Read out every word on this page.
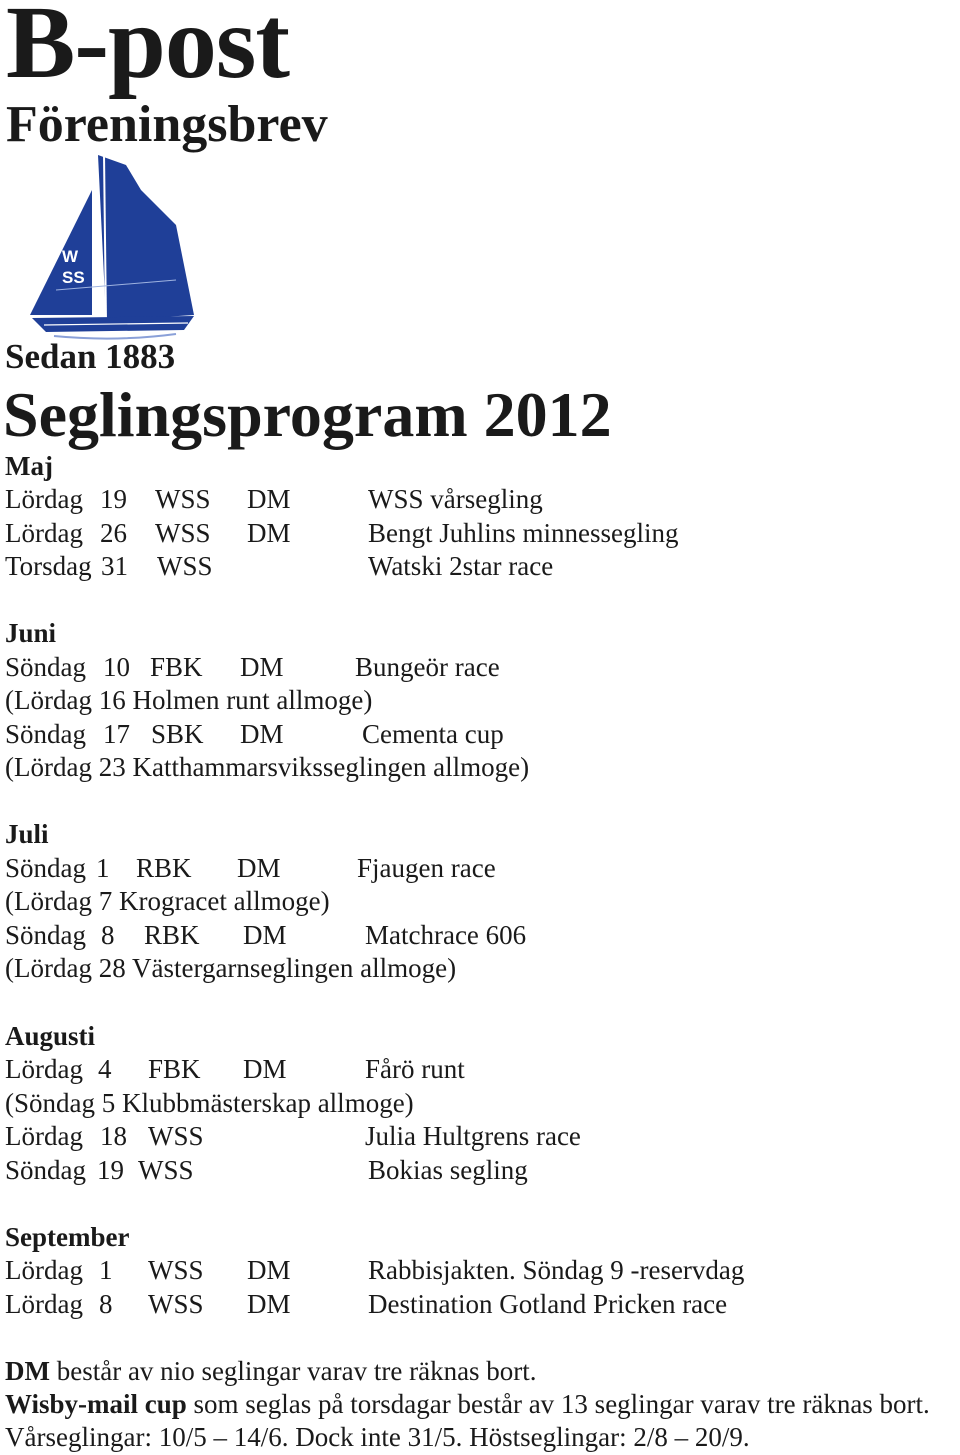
B-post
Föreningsbrev
W
SS
Sedan 1883
Seglingsprogram 2012
Maj
Lördag 19 WSS DM	WSS vårsegling
Lördag 26 WSS DM	Bengt Juhlins minnessegling
Torsdag 31 WSS	Watski 2star race
Juni
Söndag 10 FBK DM	Bungeör race
(Lördag 16 Holmen runt allmoge)
Söndag 17 SBK DM	Cementa cup
(Lördag 23 Katthammarsviksseglingen allmoge)
Juli
Söndag 1 RBK DM	Fjaugen race
(Lördag 7 Krogracet allmoge)
Söndag 8 RBK DM	Matchrace 606
(Lördag 28 Västergarnseglingen allmoge)
Augusti
Lördag 4 FBK DM	Fårö runt
(Söndag 5 Klubbmästerskap allmoge)
Lördag 18 WSS	Julia Hultgrens race
Söndag 19 WSS	Bokias segling
September
Lördag 1 WSS DM	Rabbisjakten. Söndag 9 -reservdag
Lördag 8 WSS DM	Destination Gotland Pricken race
DM består av nio seglingar varav tre räknas bort.
Wisby-mail cup som seglas på torsdagar består av 13 seglingar varav tre räknas bort.
Vårseglingar: 10/5 – 14/6. Dock inte 31/5. Höstseglingar: 2/8 – 20/9.
